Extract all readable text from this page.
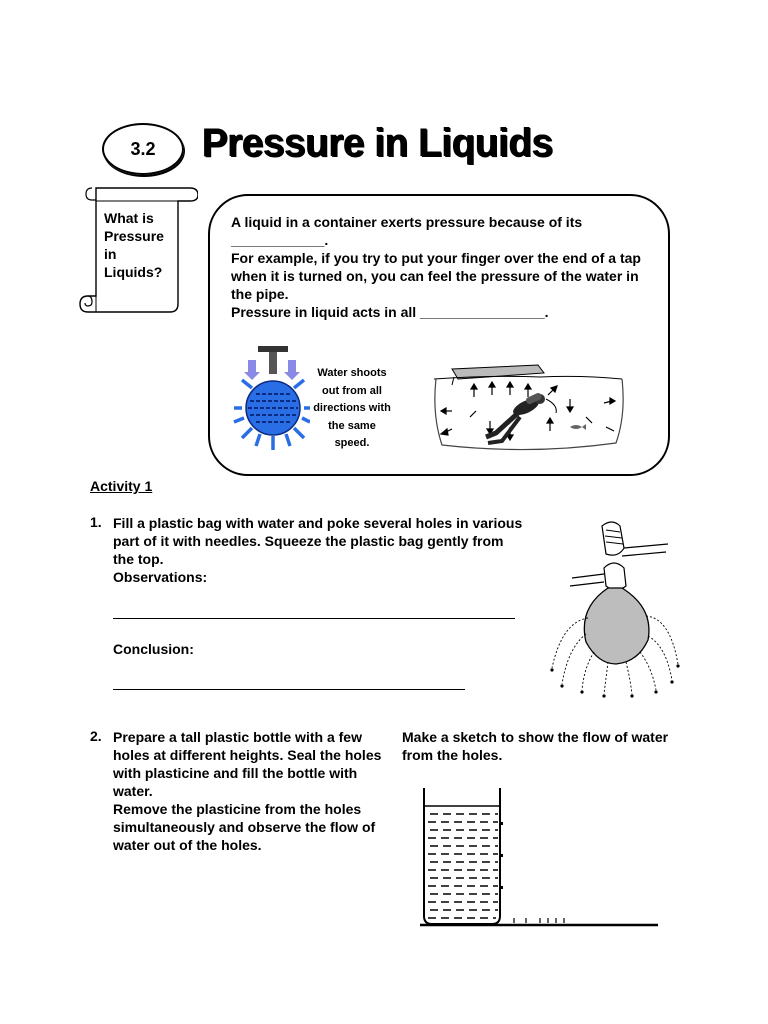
3.2 Pressure in Liquids
What is Pressure in Liquids?

A liquid in a container exerts pressure because of its

____________.

For example, if you try to put your finger over the end of a tap when it is turned on, you can feel the pressure of the water in the pipe.

Pressure in liquid acts in all ________________.

Water shoots out from all directions with the same speed.
Activity 1
1. Fill a plastic bag with water and poke several holes in various part of it with needles. Squeeze the plastic bag gently from the top.

Observations:

Conclusion:
2. Prepare a tall plastic bottle with a few holes at different heights. Seal the holes with plasticine and fill the bottle with water.

Remove the plasticine from the holes simultaneously and observe the flow of water out of the holes.

Make a sketch to show the flow of water from the holes.
